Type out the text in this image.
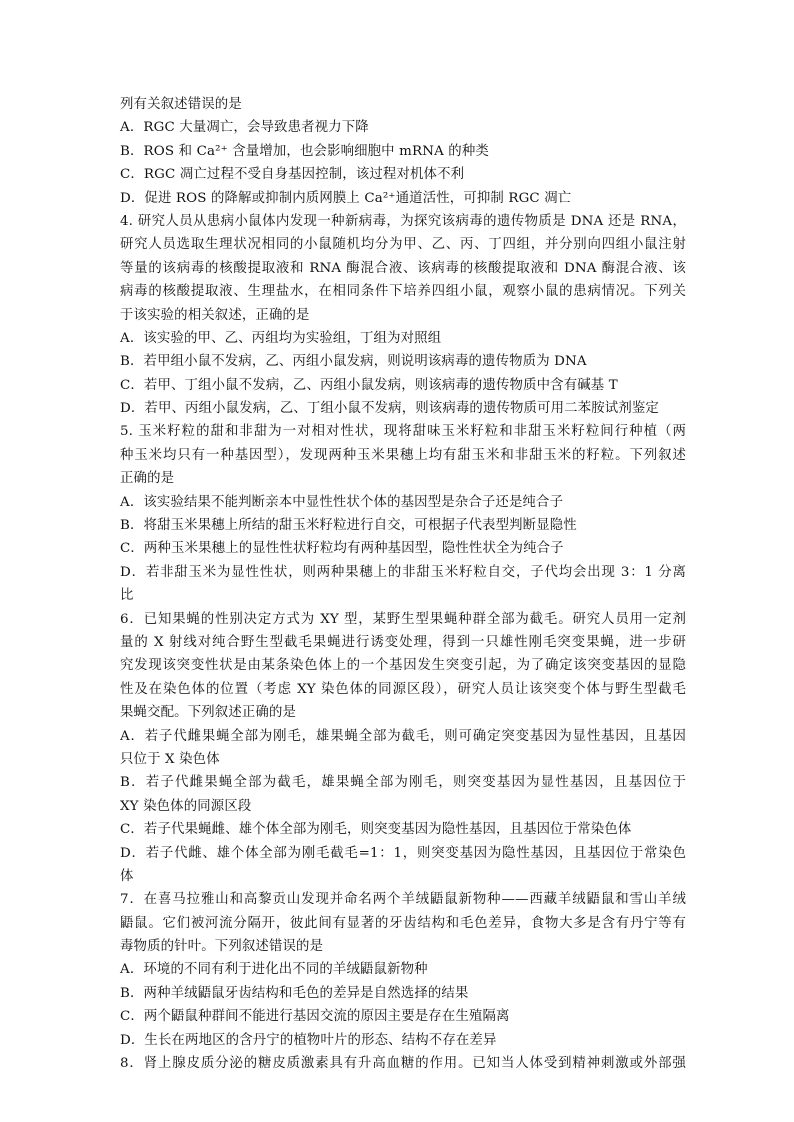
列有关叙述错误的是
A．RGC 大量凋亡，会导致患者视力下降
B．ROS 和 Ca²⁺ 含量增加，也会影响细胞中 mRNA 的种类
C．RGC 凋亡过程不受自身基因控制，该过程对机体不利
D．促进 ROS 的降解或抑制内质网膜上 Ca²⁺通道活性，可抑制 RGC 凋亡
4. 研究人员从患病小鼠体内发现一种新病毒，为探究该病毒的遗传物质是 DNA 还是 RNA，
研究人员选取生理状况相同的小鼠随机均分为甲、乙、丙、丁四组，并分别向四组小鼠注射
等量的该病毒的核酸提取液和 RNA 酶混合液、该病毒的核酸提取液和 DNA 酶混合液、该
病毒的核酸提取液、生理盐水，在相同条件下培养四组小鼠，观察小鼠的患病情况。下列关
于该实验的相关叙述，正确的是
A．该实验的甲、乙、丙组均为实验组，丁组为对照组
B．若甲组小鼠不发病，乙、丙组小鼠发病，则说明该病毒的遗传物质为 DNA
C．若甲、丁组小鼠不发病，乙、丙组小鼠发病，则该病毒的遗传物质中含有碱基 T
D．若甲、丙组小鼠发病，乙、丁组小鼠不发病，则该病毒的遗传物质可用二苯胺试剂鉴定
5. 玉米籽粒的甜和非甜为一对相对性状，现将甜味玉米籽粒和非甜玉米籽粒间行种植（两
种玉米均只有一种基因型），发现两种玉米果穗上均有甜玉米和非甜玉米的籽粒。下列叙述
正确的是
A．该实验结果不能判断亲本中显性性状个体的基因型是杂合子还是纯合子
B．将甜玉米果穗上所结的甜玉米籽粒进行自交，可根据子代表型判断显隐性
C．两种玉米果穗上的显性性状籽粒均有两种基因型，隐性性状全为纯合子
D．若非甜玉米为显性性状，则两种果穗上的非甜玉米籽粒自交，子代均会出现 3：1 分离
比
6．已知果蝇的性别决定方式为 XY 型，某野生型果蝇种群全部为截毛。研究人员用一定剂
量的 X 射线对纯合野生型截毛果蝇进行诱变处理，得到一只雄性刚毛突变果蝇，进一步研
究发现该突变性状是由某条染色体上的一个基因发生突变引起，为了确定该突变基因的显隐
性及在染色体的位置（考虑 XY 染色体的同源区段），研究人员让该突变个体与野生型截毛
果蝇交配。下列叙述正确的是
A．若子代雌果蝇全部为刚毛，雄果蝇全部为截毛，则可确定突变基因为显性基因，且基因
只位于 X 染色体
B．若子代雌果蝇全部为截毛，雄果蝇全部为刚毛，则突变基因为显性基因，且基因位于
XY 染色体的同源区段
C．若子代果蝇雌、雄个体全部为刚毛，则突变基因为隐性基因，且基因位于常染色体
D．若子代雌、雄个体全部为刚毛截毛=1：1，则突变基因为隐性基因，且基因位于常染色
体
7．在喜马拉雅山和高黎贡山发现并命名两个羊绒鼯鼠新物种——西藏羊绒鼯鼠和雪山羊绒
鼯鼠。它们被河流分隔开，彼此间有显著的牙齿结构和毛色差异，食物大多是含有丹宁等有
毒物质的针叶。下列叙述错误的是
A．环境的不同有利于进化出不同的羊绒鼯鼠新物种
B．两种羊绒鼯鼠牙齿结构和毛色的差异是自然选择的结果
C．两个鼯鼠种群间不能进行基因交流的原因主要是存在生殖隔离
D．生长在两地区的含丹宁的植物叶片的形态、结构不存在差异
8．肾上腺皮质分泌的糖皮质激素具有升高血糖的作用。已知当人体受到精神刺激或外部强
